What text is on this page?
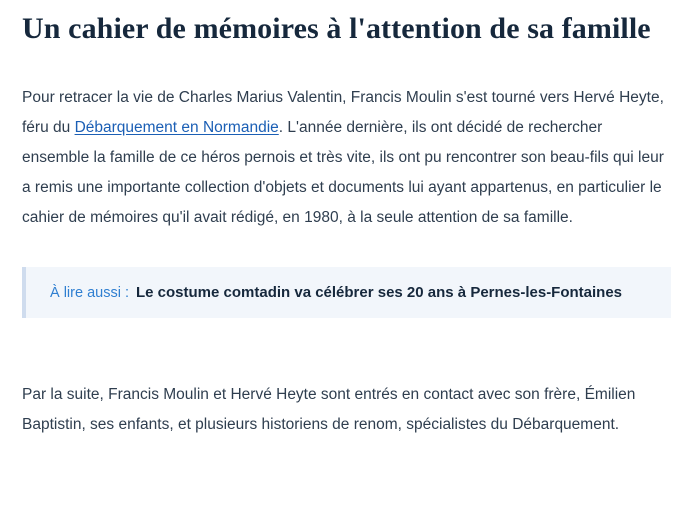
Un cahier de mémoires à l'attention de sa famille

Pour retracer la vie de Charles Marius Valentin, Francis Moulin s'est tourné vers Hervé Heyte, féru du Débarquement en Normandie. L'année dernière, ils ont décidé de rechercher ensemble la famille de ce héros pernois et très vite, ils ont pu rencontrer son beau-fils qui leur a remis une importante collection d'objets et documents lui ayant appartenus, en particulier le cahier de mémoires qu'il avait rédigé, en 1980, à la seule attention de sa famille.

À lire aussi : Le costume comtadin va célébrer ses 20 ans à Pernes-les-Fontaines

Par la suite, Francis Moulin et Hervé Heyte sont entrés en contact avec son frère, Émilien Baptistin, ses enfants, et plusieurs historiens de renom, spécialistes du Débarquement.
